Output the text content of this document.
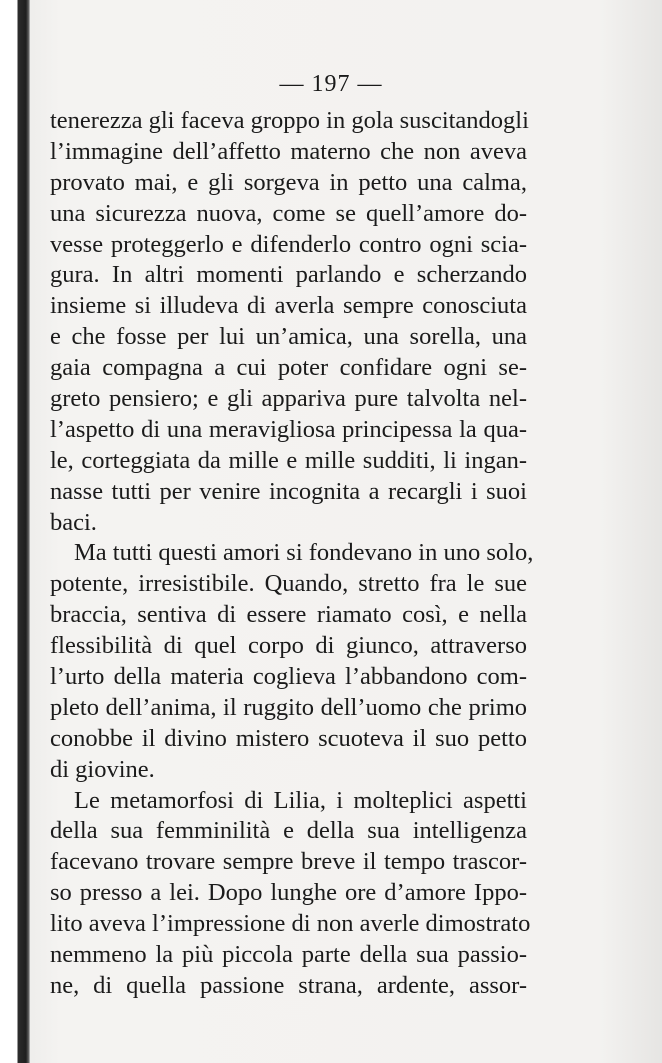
— 197 —
tenerezza gli faceva groppo in gola suscitandogli
l’immagine dell’affetto materno che non aveva
provato mai, e gli sorgeva in petto una calma,
una sicurezza nuova, come se quell’amore do-
vesse proteggerlo e difenderlo contro ogni scia-
gura. In altri momenti parlando e scherzando
insieme si illudeva di averla sempre conosciuta
e che fosse per lui un’amica, una sorella, una
gaia compagna a cui poter confidare ogni se-
greto pensiero; e gli appariva pure talvolta nel-
l’aspetto di una meravigliosa principessa la qua-
le, corteggiata da mille e mille sudditi, li ingan-
nasse tutti per venire incognita a recargli i suoi
baci.
Ma tutti questi amori si fondevano in uno solo,
potente, irresistibile. Quando, stretto fra le sue
braccia, sentiva di essere riamato così, e nella
flessibilità di quel corpo di giunco, attraverso
l’urto della materia coglieva l’abbandono com-
pleto dell’anima, il ruggito dell’uomo che primo
conobbe il divino mistero scuoteva il suo petto
di giovine.
Le metamorfosi di Lilia, i molteplici aspetti
della sua femminilità e della sua intelligenza
facevano trovare sempre breve il tempo trascor-
so presso a lei. Dopo lunghe ore d’amore Ippo-
lito aveva l’impressione di non averle dimostrato
nemmeno la più piccola parte della sua passio-
ne, di quella passione strana, ardente, assor-
